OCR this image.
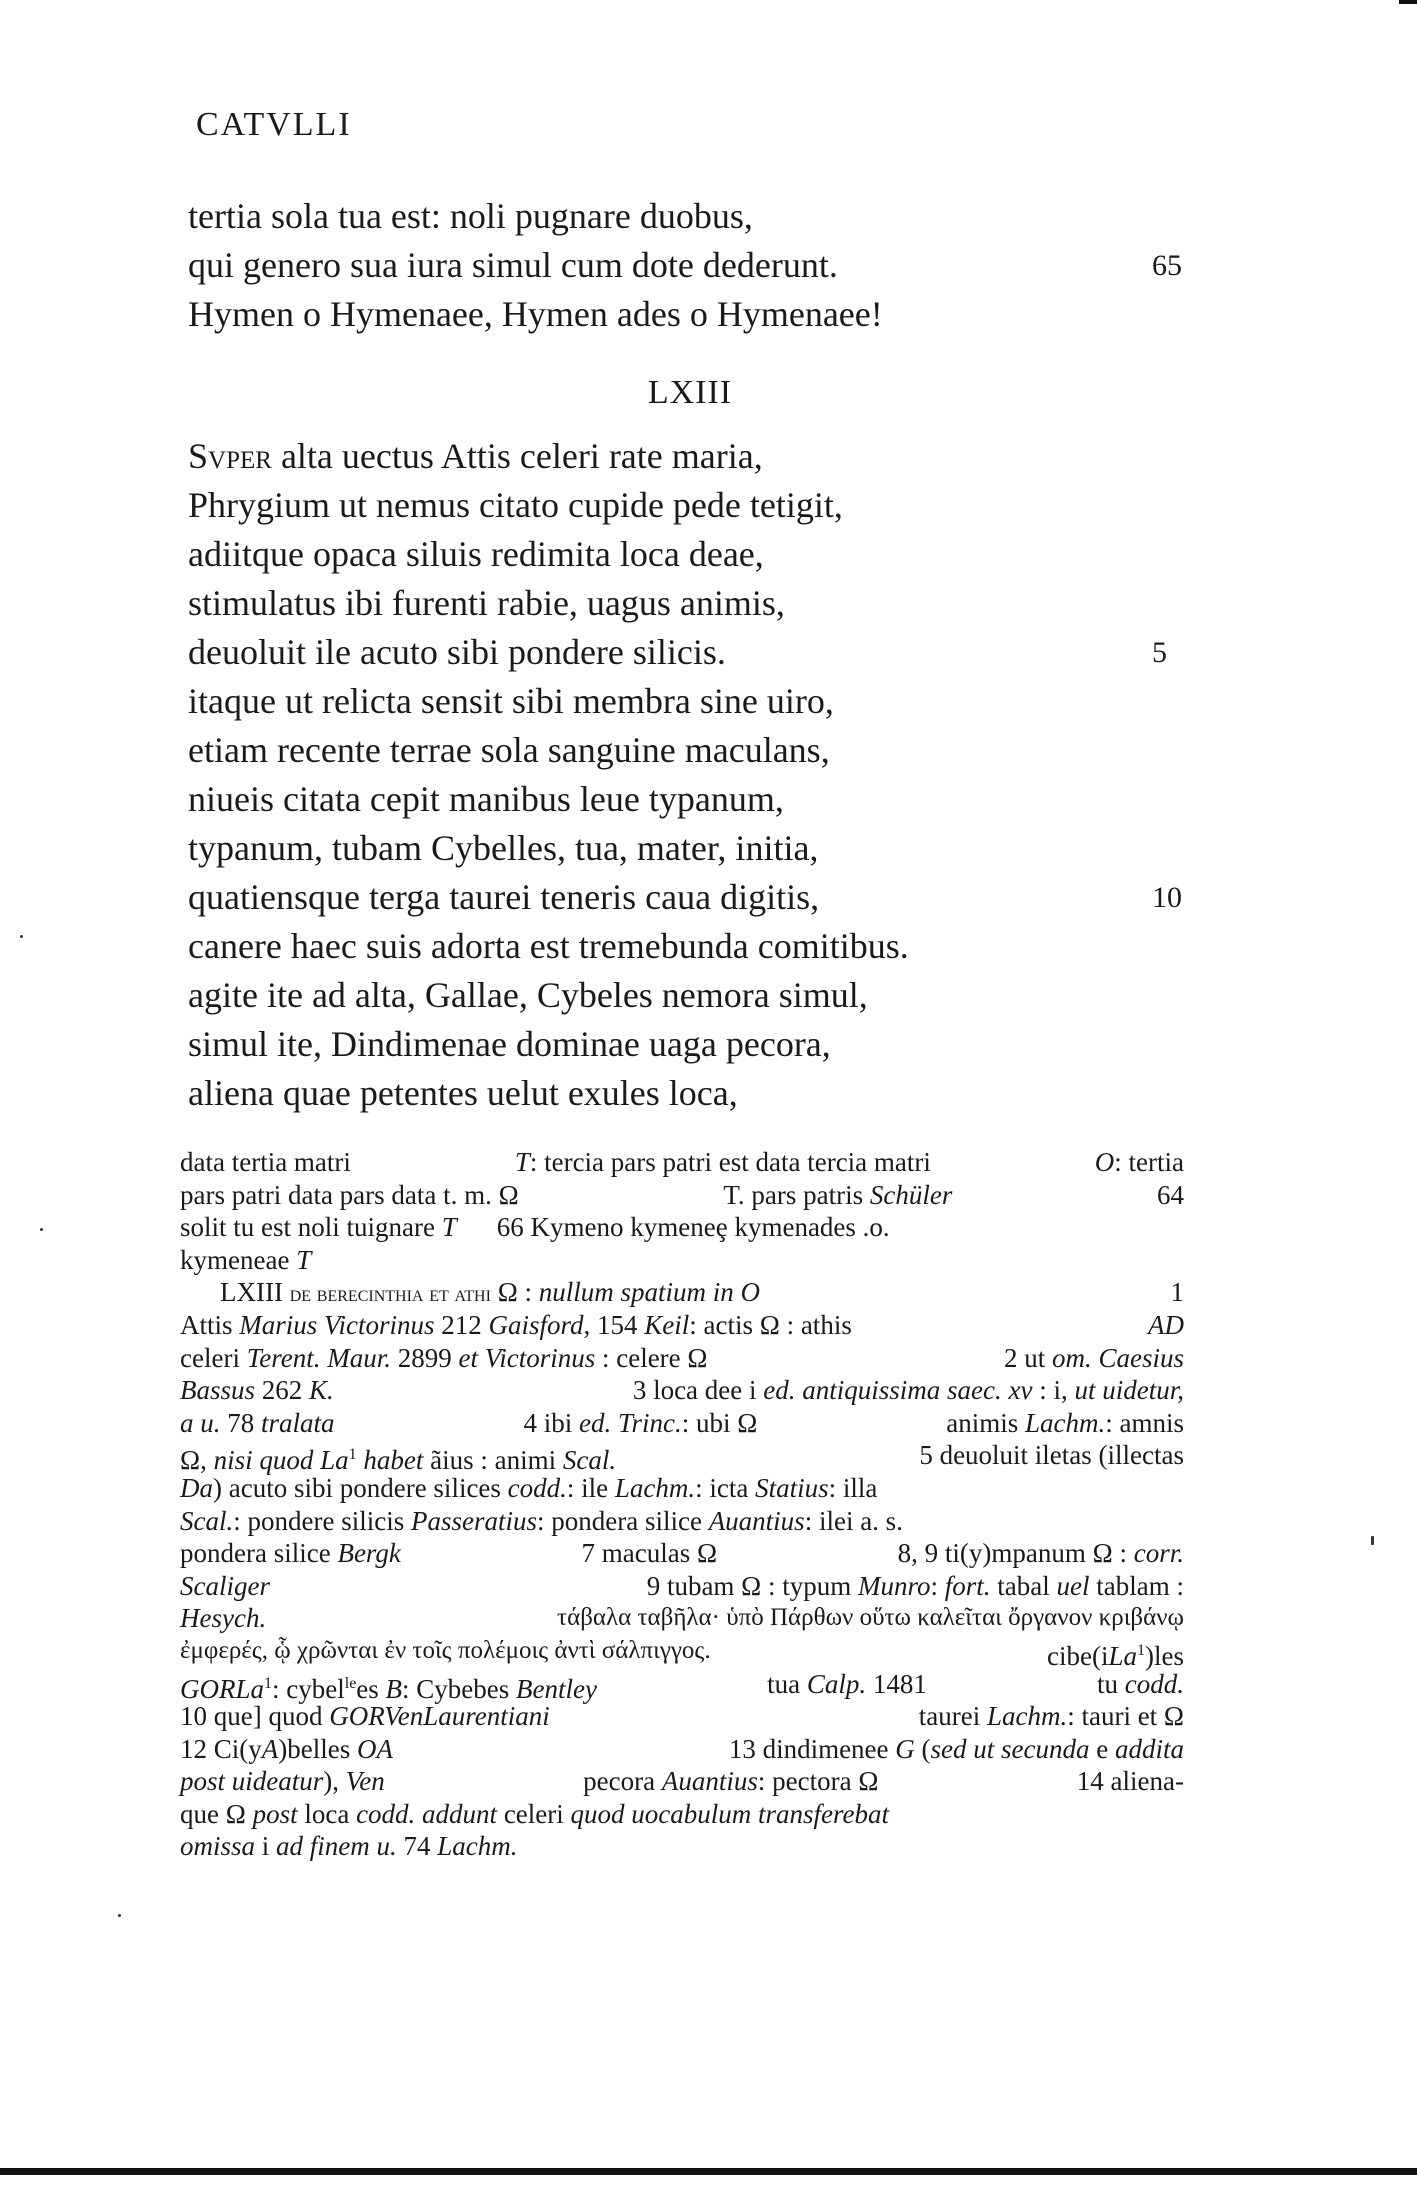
CATVLLI
tertia sola tua est: noli pugnare duobus,
qui genero sua iura simul cum dote dederunt.
Hymen o Hymenaee, Hymen ades o Hymenaee!
65
LXIII
Svper alta uectus Attis celeri rate maria,
Phrygium ut nemus citato cupide pede tetigit,
adiitque opaca siluis redimita loca deae,
stimulatus ibi furenti rabie, uagus animis,
deuoluit ile acuto sibi pondere silicis.
itaque ut relicta sensit sibi membra sine uiro,
etiam recente terrae sola sanguine maculans,
niueis citata cepit manibus leue typanum,
typanum, tubam Cybelles, tua, mater, initia,
quatiensque terga taurei teneris caua digitis,
canere haec suis adorta est tremebunda comitibus.
agite ite ad alta, Gallae, Cybeles nemora simul,
simul ite, Dindimenae dominae uaga pecora,
aliena quae petentes uelut exules loca,
5
10
data tertia matri	T: tercia pars patri est data tercia matri	O: tertia
pars patri data pars data t. m. Ω	T. pars patris Schüler	64
solit tu est noli tuignare T 66 Kymeno kymeneȩ kymenades .o.
kymeneae T
LXIII de berecinthia et athi Ω : nullum spatium in O	1
Attis Marius Victorinus 212 Gaisford, 154 Keil: actis Ω : athis	AD
celeri Terent. Maur. 2899 et Victorinus : celere Ω	2 ut om. Caesius
Bassus 262 K.	3 loca dee i ed. antiquissima saec. xv : i, ut uidetur,
a u. 78 tralata	4 ibi ed. Trinc.: ubi Ω	animis Lachm.: amnis
Ω, nisi quod La$^1$ habet ãius : animi Scal.	5 deuoluit iletas (illectas
Da) acuto sibi pondere silices codd.: ile Lachm.: icta Statius: illa
Scal.: pondere silicis Passeratius: pondera silice Auantius: ilei a. s.
pondera silice Bergk	7 maculas Ω	8, 9 ti(y)mpanum Ω : corr.
Scaliger	9 tubam Ω : typum Munro: fort. tabal uel tablam :
Hesych.	τάβαλα ταβῆλα· ὑπὸ Πάρθων οὕτω καλεῖται ὄργανον κριβάνῳ
ἐμφερές, ᾧ χρῶνται ἐν τοῖς πολέμοις ἀντὶ σάλπιγγος.	cibe(iLa$^1$)les
GORLa$^1$: cybel$^{le}$es B: Cybebes Bentley	tua Calp. 1481	tu codd.
10 que] quod GORVenLaurentiani	taurei Lachm.: tauri et Ω
12 Ci(yA)belles OA	13 dindimenee G (sed ut secunda e addita
post uideatur), Ven	pecora Auantius: pectora Ω	14 aliena-
que Ω post loca codd. addunt celeri quod uocabulum transferebat
omissa i ad finem u. 74 Lachm.
